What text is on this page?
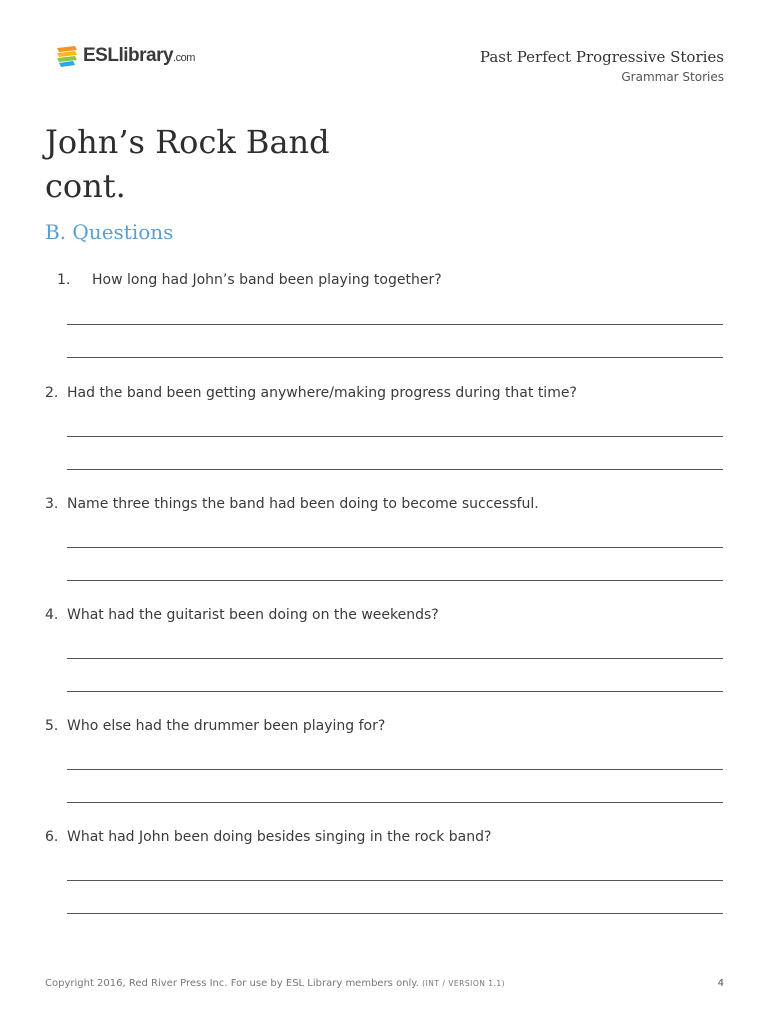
ESLlibrary.com	Past Perfect Progressive Stories
Grammar Stories
John’s Rock Band cont.
B. Questions
1. How long had John’s band been playing together?
2. Had the band been getting anywhere/making progress during that time?
3. Name three things the band had been doing to become successful.
4. What had the guitarist been doing on the weekends?
5. Who else had the drummer been playing for?
6. What had John been doing besides singing in the rock band?
Copyright 2016, Red River Press Inc. For use by ESL Library members only. (INT / VERSION 1.1)	4
